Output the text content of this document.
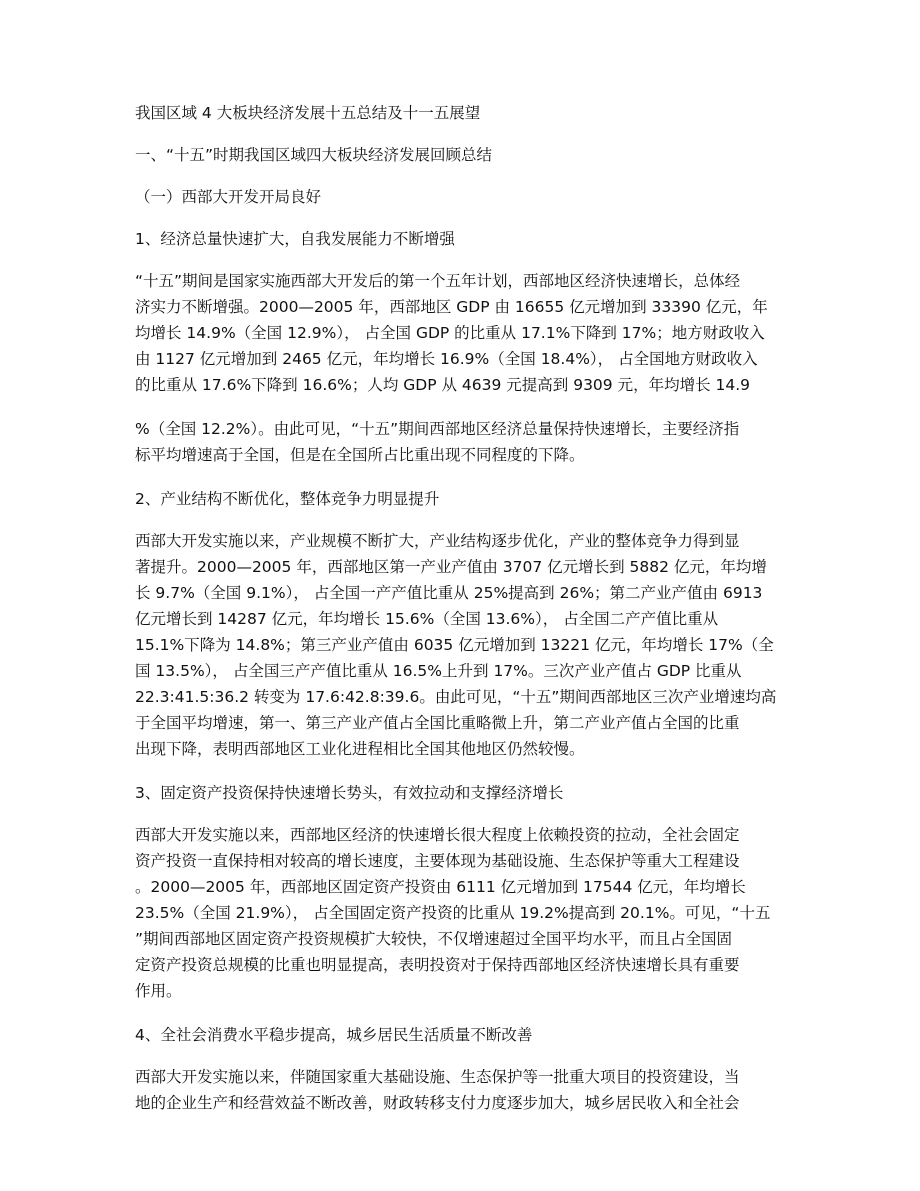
我国区域 4 大板块经济发展十五总结及十一五展望
一、“十五”时期我国区域四大板块经济发展回顾总结
（一）西部大开发开局良好
1、经济总量快速扩大，自我发展能力不断增强
“十五”期间是国家实施西部大开发后的第一个五年计划，西部地区经济快速增长，总体经
济实力不断增强。2000—2005 年，西部地区 GDP 由 16655 亿元增加到 33390 亿元，年
均增长 14.9%（全国 12.9%）， 占全国 GDP 的比重从 17.1%下降到 17%；地方财政收入
由 1127 亿元增加到 2465 亿元，年均增长 16.9%（全国 18.4%）， 占全国地方财政收入
的比重从 17.6%下降到 16.6%；人均 GDP 从 4639 元提高到 9309 元，年均增长 14.9
%（全国 12.2%）。由此可见，“十五”期间西部地区经济总量保持快速增长，主要经济指
标平均增速高于全国，但是在全国所占比重出现不同程度的下降。
2、产业结构不断优化，整体竞争力明显提升
西部大开发实施以来，产业规模不断扩大，产业结构逐步优化，产业的整体竞争力得到显
著提升。2000—2005 年，西部地区第一产业产值由 3707 亿元增长到 5882 亿元，年均增
长 9.7%（全国 9.1%）， 占全国一产产值比重从 25%提高到 26%；第二产业产值由 6913
亿元增长到 14287 亿元，年均增长 15.6%（全国 13.6%）， 占全国二产产值比重从
15.1%下降为 14.8%；第三产业产值由 6035 亿元增加到 13221 亿元，年均增长 17%（全
国 13.5%）， 占全国三产产值比重从 16.5%上升到 17%。三次产业产值占 GDP 比重从
22.3:41.5:36.2 转变为 17.6:42.8:39.6。由此可见，“十五”期间西部地区三次产业增速均高
于全国平均增速，第一、第三产业产值占全国比重略微上升，第二产业产值占全国的比重
出现下降，表明西部地区工业化进程相比全国其他地区仍然较慢。
3、固定资产投资保持快速增长势头，有效拉动和支撑经济增长
西部大开发实施以来，西部地区经济的快速增长很大程度上依赖投资的拉动，全社会固定
资产投资一直保持相对较高的增长速度，主要体现为基础设施、生态保护等重大工程建设
。2000—2005 年，西部地区固定资产投资由 6111 亿元增加到 17544 亿元，年均增长
23.5%（全国 21.9%）， 占全国固定资产投资的比重从 19.2%提高到 20.1%。可见，“十五
”期间西部地区固定资产投资规模扩大较快，不仅增速超过全国平均水平，而且占全国固
定资产投资总规模的比重也明显提高，表明投资对于保持西部地区经济快速增长具有重要
作用。
4、全社会消费水平稳步提高，城乡居民生活质量不断改善
西部大开发实施以来，伴随国家重大基础设施、生态保护等一批重大项目的投资建设，当
地的企业生产和经营效益不断改善，财政转移支付力度逐步加大，城乡居民收入和全社会
